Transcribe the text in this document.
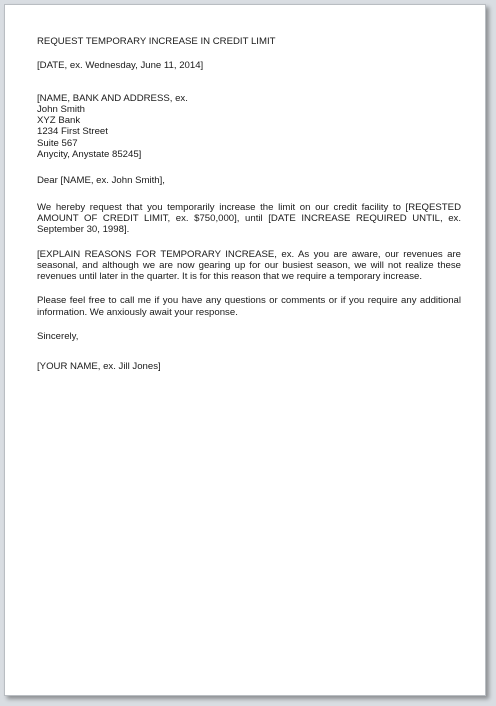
REQUEST TEMPORARY INCREASE IN CREDIT LIMIT

[DATE, ex. Wednesday, June 11, 2014]

[NAME, BANK AND ADDRESS, ex.
John Smith
XYZ Bank
1234 First Street
Suite 567
Anycity, Anystate 85245]

Dear [NAME, ex. John Smith],

We hereby request that you temporarily increase the limit on our credit facility to [REQESTED AMOUNT OF CREDIT LIMIT, ex. $750,000], until [DATE INCREASE REQUIRED UNTIL, ex. September 30, 1998].

[EXPLAIN REASONS FOR TEMPORARY INCREASE, ex. As you are aware, our revenues are seasonal, and although we are now gearing up for our busiest season, we will not realize these revenues until later in the quarter. It is for this reason that we require a temporary increase.

Please feel free to call me if you have any questions or comments or if you require any additional information. We anxiously await your response.

Sincerely,

[YOUR NAME, ex. Jill Jones]
